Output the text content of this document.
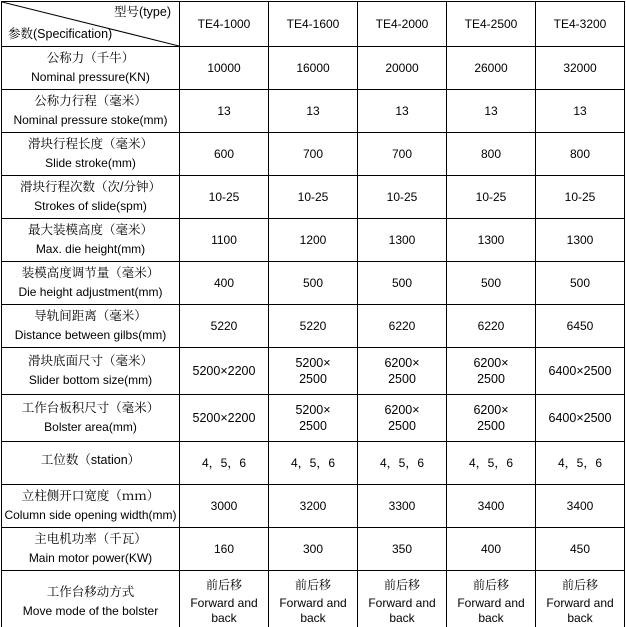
型号(type)
参数(Specification)	TE4-1000	TE4-1600	TE4-2000	TE4-2500	TE4-3200

公称力（千牛）
Nominal pressure(KN)	10000	16000	20000	26000	32000

公称力行程（毫米）
Nominal pressure stoke(mm)	13	13	13	13	13

滑块行程长度（毫米）
Slide stroke(mm)	600	700	700	800	800

滑块行程次数（次/分钟）
Strokes of slide(spm)	10-25	10-25	10-25	10-25	10-25

最大装模高度（毫米）
Max. die height(mm)	1100	1200	1300	1300	1300

装模高度调节量（毫米）
Die height adjustment(mm)	400	500	500	500	500

导轨间距离（毫米）
Distance between gilbs(mm)	5220	5220	6220	6220	6450

滑块底面尺寸（毫米）
Slider bottom size(mm)	5200×2200	5200×
2500	6200×
2500	6200×
2500	6400×2500

工作台板积尺寸（毫米）
Bolster area(mm)	5200×2200	5200×
2500	6200×
2500	6200×
2500	6400×2500

工位数（station）	4，5，6	4，5，6	4，5，6	4，5，6	4，5，6

立柱侧开口宽度（ｍｍ）
Column side opening width(mm)	3000	3200	3300	3400	3400

主电机功率（千瓦）
Main motor power(KW)	160	300	350	400	450

工作台移动方式
Move mode of the bolster	前后移
Forward and
back	前后移
Forward and
back	前后移
Forward and
back	前后移
Forward and
back	前后移
Forward and
back
